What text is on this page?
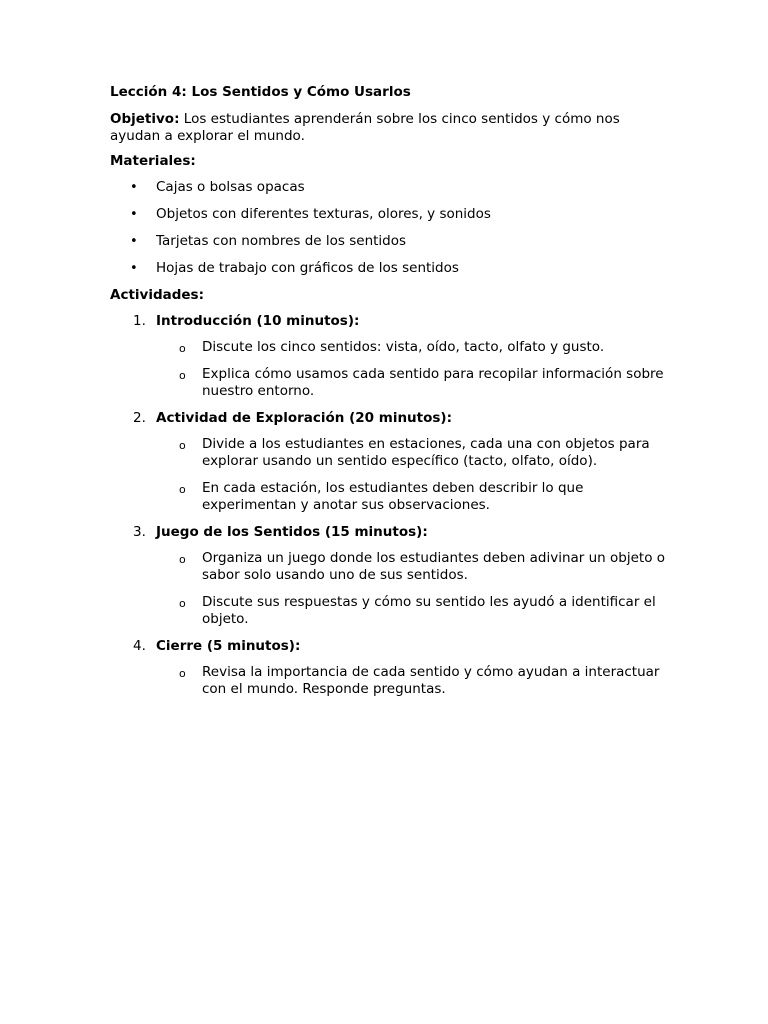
Lección 4: Los Sentidos y Cómo Usarlos
Objetivo: Los estudiantes aprenderán sobre los cinco sentidos y cómo nos ayudan a explorar el mundo.
Materiales:
• Cajas o bolsas opacas
• Objetos con diferentes texturas, olores, y sonidos
• Tarjetas con nombres de los sentidos
• Hojas de trabajo con gráficos de los sentidos
Actividades:
1. Introducción (10 minutos):
o Discute los cinco sentidos: vista, oído, tacto, olfato y gusto.
o Explica cómo usamos cada sentido para recopilar información sobre nuestro entorno.
2. Actividad de Exploración (20 minutos):
o Divide a los estudiantes en estaciones, cada una con objetos para explorar usando un sentido específico (tacto, olfato, oído).
o En cada estación, los estudiantes deben describir lo que experimentan y anotar sus observaciones.
3. Juego de los Sentidos (15 minutos):
o Organiza un juego donde los estudiantes deben adivinar un objeto o sabor solo usando uno de sus sentidos.
o Discute sus respuestas y cómo su sentido les ayudó a identificar el objeto.
4. Cierre (5 minutos):
o Revisa la importancia de cada sentido y cómo ayudan a interactuar con el mundo. Responde preguntas.
